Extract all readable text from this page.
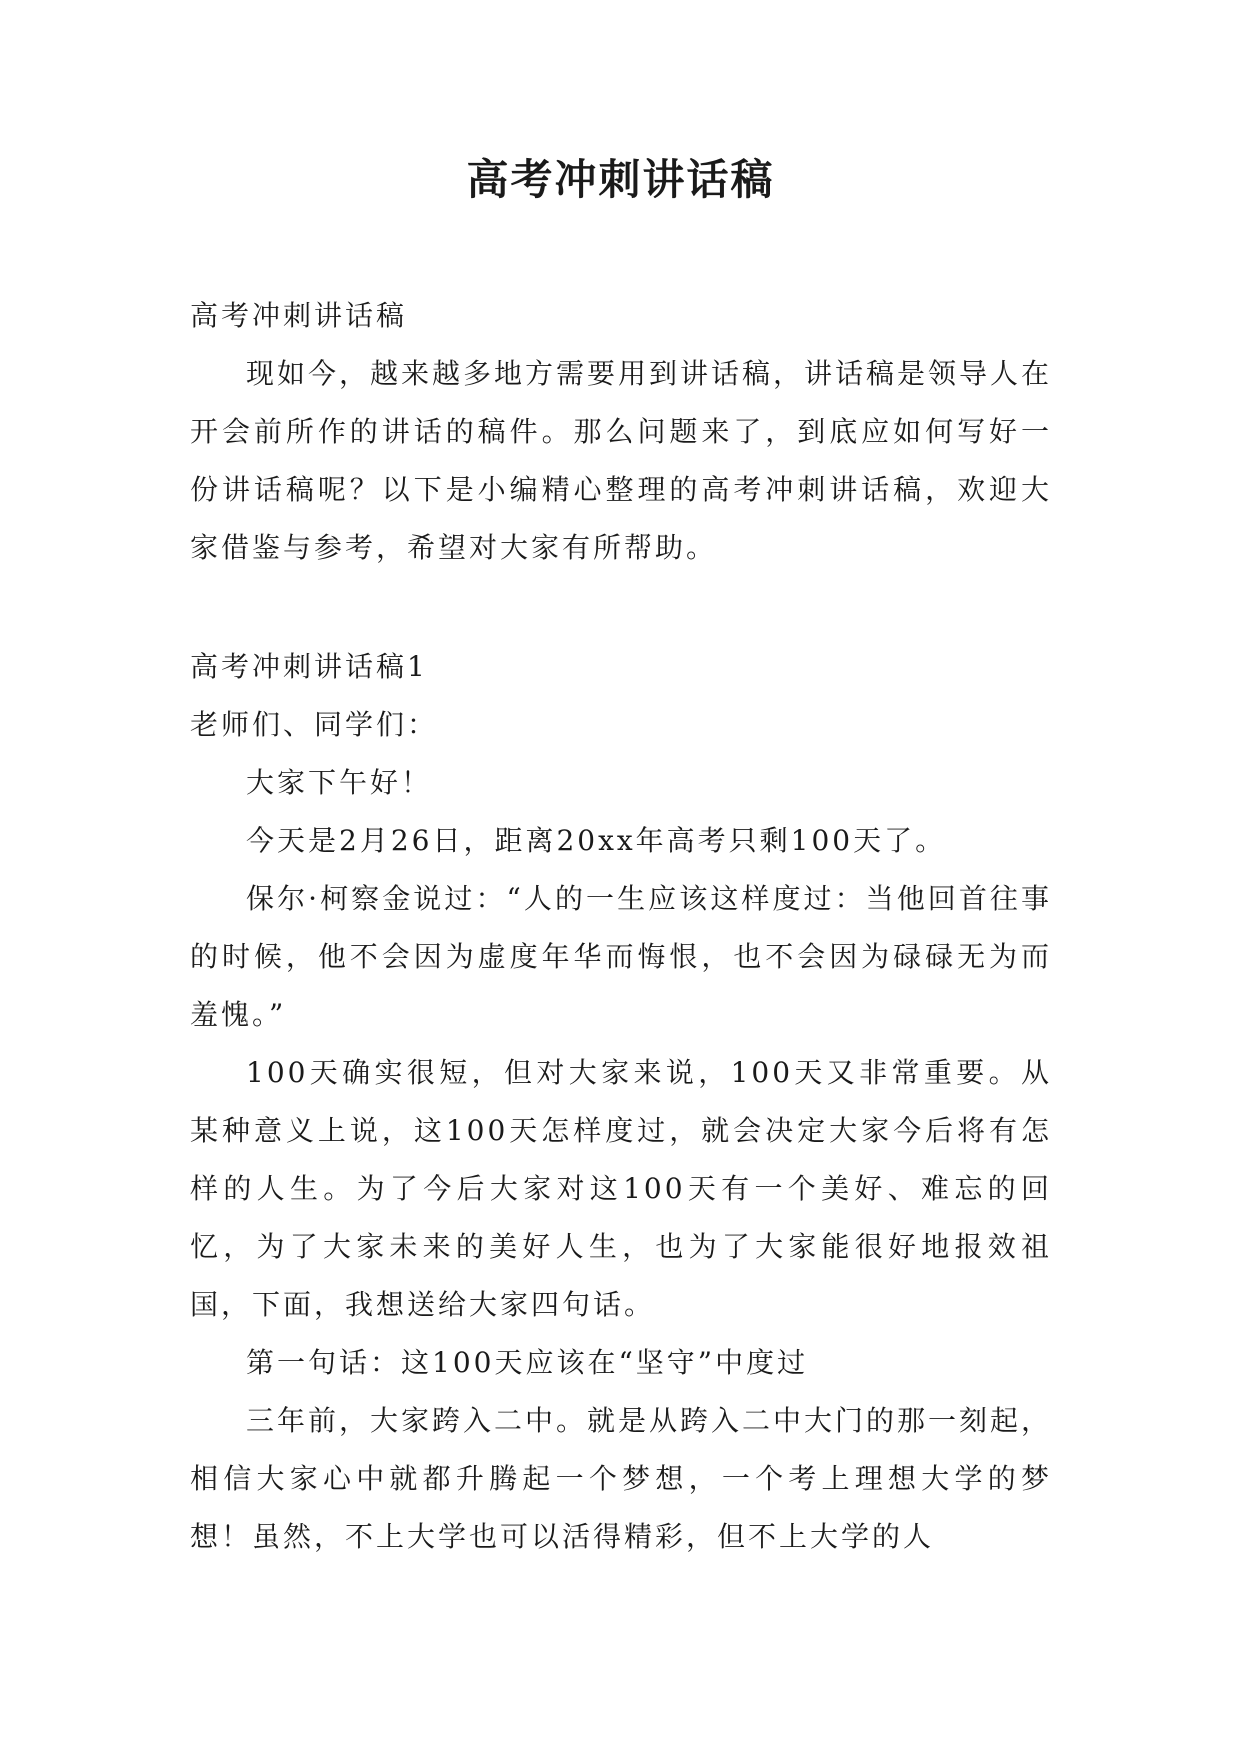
高考冲刺讲话稿

高考冲刺讲话稿

现如今，越来越多地方需要用到讲话稿，讲话稿是领导人在开会前所作的讲话的稿件。那么问题来了，到底应如何写好一份讲话稿呢？以下是小编精心整理的高考冲刺讲话稿，欢迎大家借鉴与参考，希望对大家有所帮助。

高考冲刺讲话稿1

老师们、同学们：

大家下午好！

今天是2月26日，距离20xx年高考只剩100天了。

保尔·柯察金说过：“人的一生应该这样度过：当他回首往事的时候，他不会因为虚度年华而悔恨，也不会因为碌碌无为而羞愧。”

100天确实很短，但对大家来说，100天又非常重要。从某种意义上说，这100天怎样度过，就会决定大家今后将有怎样的人生。为了今后大家对这100天有一个美好、难忘的回忆，为了大家未来的美好人生，也为了大家能很好地报效祖国，下面，我想送给大家四句话。

第一句话：这100天应该在“坚守”中度过

三年前，大家跨入二中。就是从跨入二中大门的那一刻起，相信大家心中就都升腾起一个梦想，一个考上理想大学的梦想！虽然，不上大学也可以活得精彩，但不上大学的人
